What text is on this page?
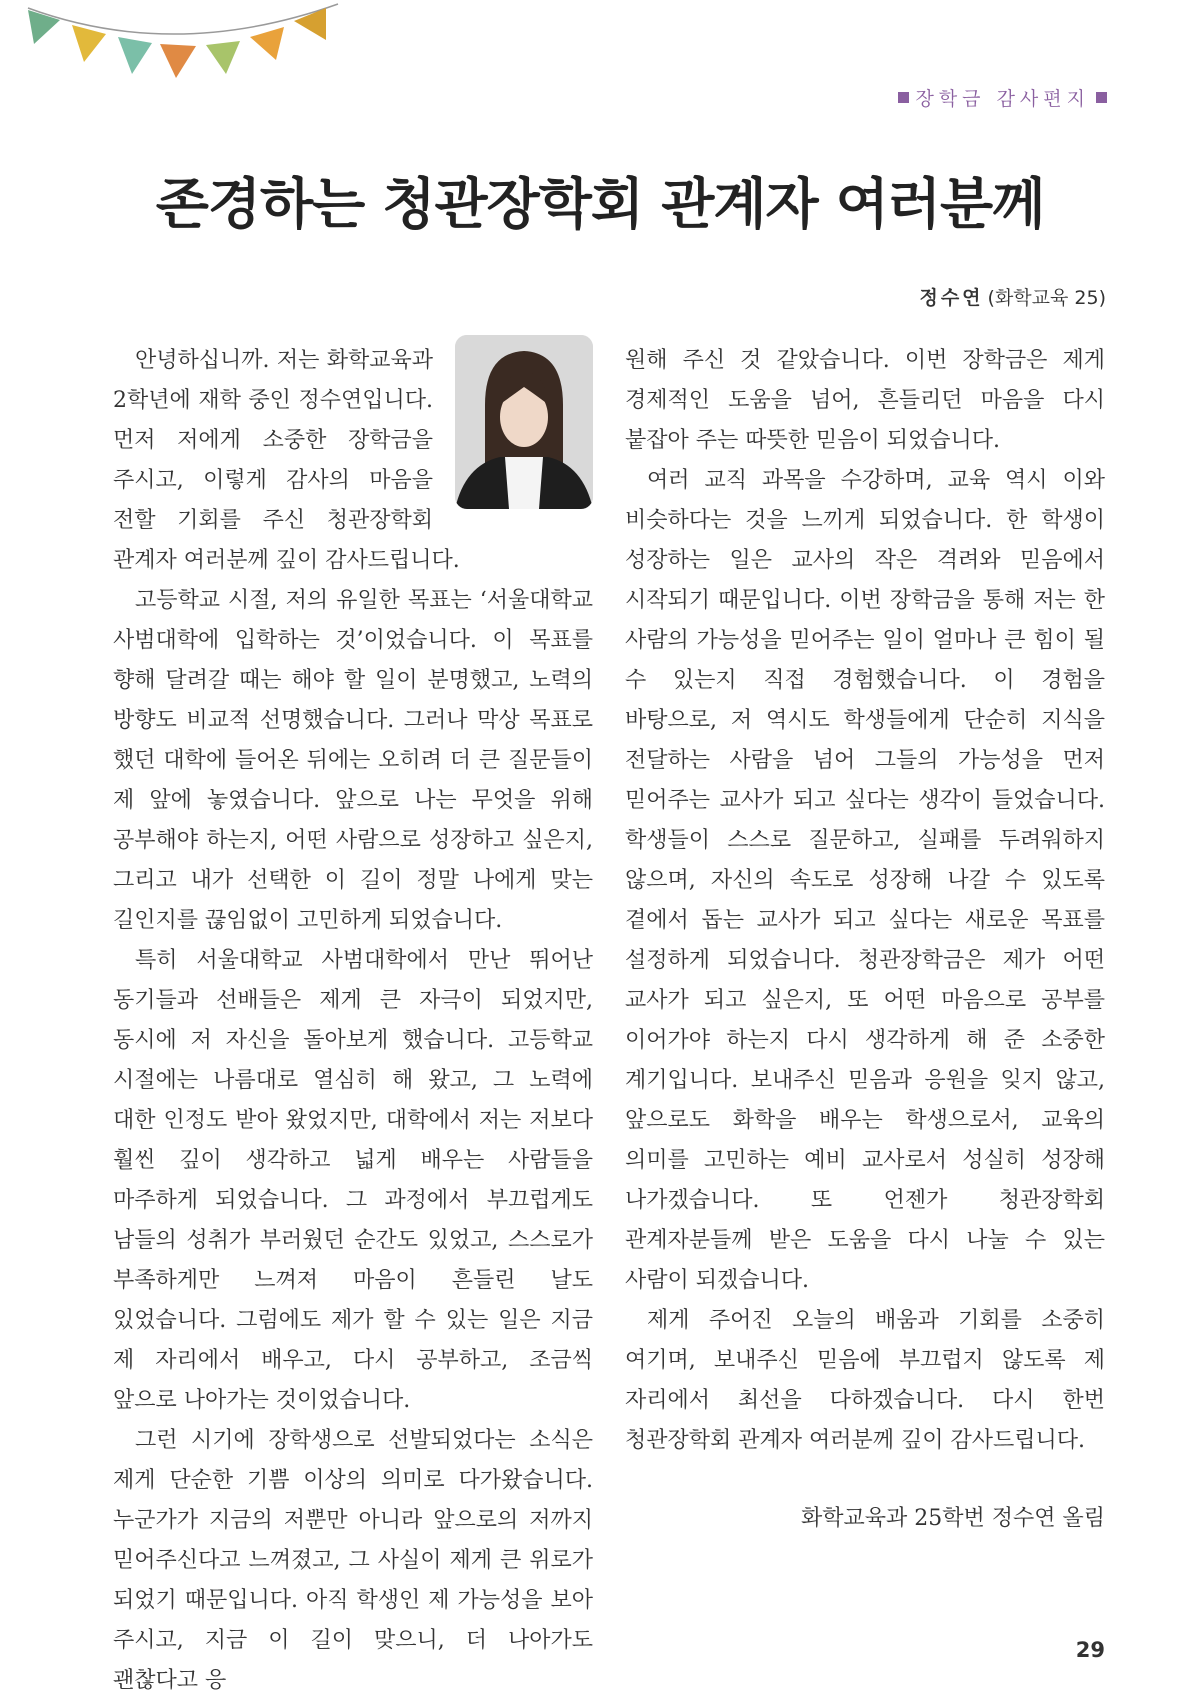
장학금 감사편지
존경하는 청관장학회 관계자 여러분께
정수연 (화학교육 25)

안녕하십니까. 저는 화학교육과 2학년에 재학 중인 정수연입니다. 먼저 저에게 소중한 장학금을 주시고, 이렇게 감사의 마음을 전할 기회를 주신 청관장학회 관계자 여러분께 깊이 감사드립니다.

고등학교 시절, 저의 유일한 목표는 ‘서울대학교 사범대학에 입학하는 것’이었습니다. 이 목표를 향해 달려갈 때는 해야 할 일이 분명했고, 노력의 방향도 비교적 선명했습니다. 그러나 막상 목표로 했던 대학에 들어온 뒤에는 오히려 더 큰 질문들이 제 앞에 놓였습니다. 앞으로 나는 무엇을 위해 공부해야 하는지, 어떤 사람으로 성장하고 싶은지, 그리고 내가 선택한 이 길이 정말 나에게 맞는 길인지를 끊임없이 고민하게 되었습니다.

특히 서울대학교 사범대학에서 만난 뛰어난 동기들과 선배들은 제게 큰 자극이 되었지만, 동시에 저 자신을 돌아보게 했습니다. 고등학교 시절에는 나름대로 열심히 해 왔고, 그 노력에 대한 인정도 받아 왔었지만, 대학에서 저는 저보다 훨씬 깊이 생각하고 넓게 배우는 사람들을 마주하게 되었습니다. 그 과정에서 부끄럽게도 남들의 성취가 부러웠던 순간도 있었고, 스스로가 부족하게만 느껴져 마음이 흔들린 날도 있었습니다. 그럼에도 제가 할 수 있는 일은 지금 제 자리에서 배우고, 다시 공부하고, 조금씩 앞으로 나아가는 것이었습니다.

그런 시기에 장학생으로 선발되었다는 소식은 제게 단순한 기쁨 이상의 의미로 다가왔습니다. 누군가가 지금의 저뿐만 아니라 앞으로의 저까지 믿어주신다고 느껴졌고, 그 사실이 제게 큰 위로가 되었기 때문입니다. 아직 학생인 제 가능성을 보아 주시고, 지금 이 길이 맞으니, 더 나아가도 괜찮다고 응

원해 주신 것 같았습니다. 이번 장학금은 제게 경제적인 도움을 넘어, 흔들리던 마음을 다시 붙잡아 주는 따뜻한 믿음이 되었습니다.

여러 교직 과목을 수강하며, 교육 역시 이와 비슷하다는 것을 느끼게 되었습니다. 한 학생이 성장하는 일은 교사의 작은 격려와 믿음에서 시작되기 때문입니다. 이번 장학금을 통해 저는 한 사람의 가능성을 믿어주는 일이 얼마나 큰 힘이 될 수 있는지 직접 경험했습니다. 이 경험을 바탕으로, 저 역시도 학생들에게 단순히 지식을 전달하는 사람을 넘어 그들의 가능성을 먼저 믿어주는 교사가 되고 싶다는 생각이 들었습니다. 학생들이 스스로 질문하고, 실패를 두려워하지 않으며, 자신의 속도로 성장해 나갈 수 있도록 곁에서 돕는 교사가 되고 싶다는 새로운 목표를 설정하게 되었습니다. 청관장학금은 제가 어떤 교사가 되고 싶은지, 또 어떤 마음으로 공부를 이어가야 하는지 다시 생각하게 해 준 소중한 계기입니다. 보내주신 믿음과 응원을 잊지 않고, 앞으로도 화학을 배우는 학생으로서, 교육의 의미를 고민하는 예비 교사로서 성실히 성장해 나가겠습니다. 또 언젠가 청관장학회 관계자분들께 받은 도움을 다시 나눌 수 있는 사람이 되겠습니다.

제게 주어진 오늘의 배움과 기회를 소중히 여기며, 보내주신 믿음에 부끄럽지 않도록 제 자리에서 최선을 다하겠습니다. 다시 한번 청관장학회 관계자 여러분께 깊이 감사드립니다.

화학교육과 25학번 정수연 올림

29
